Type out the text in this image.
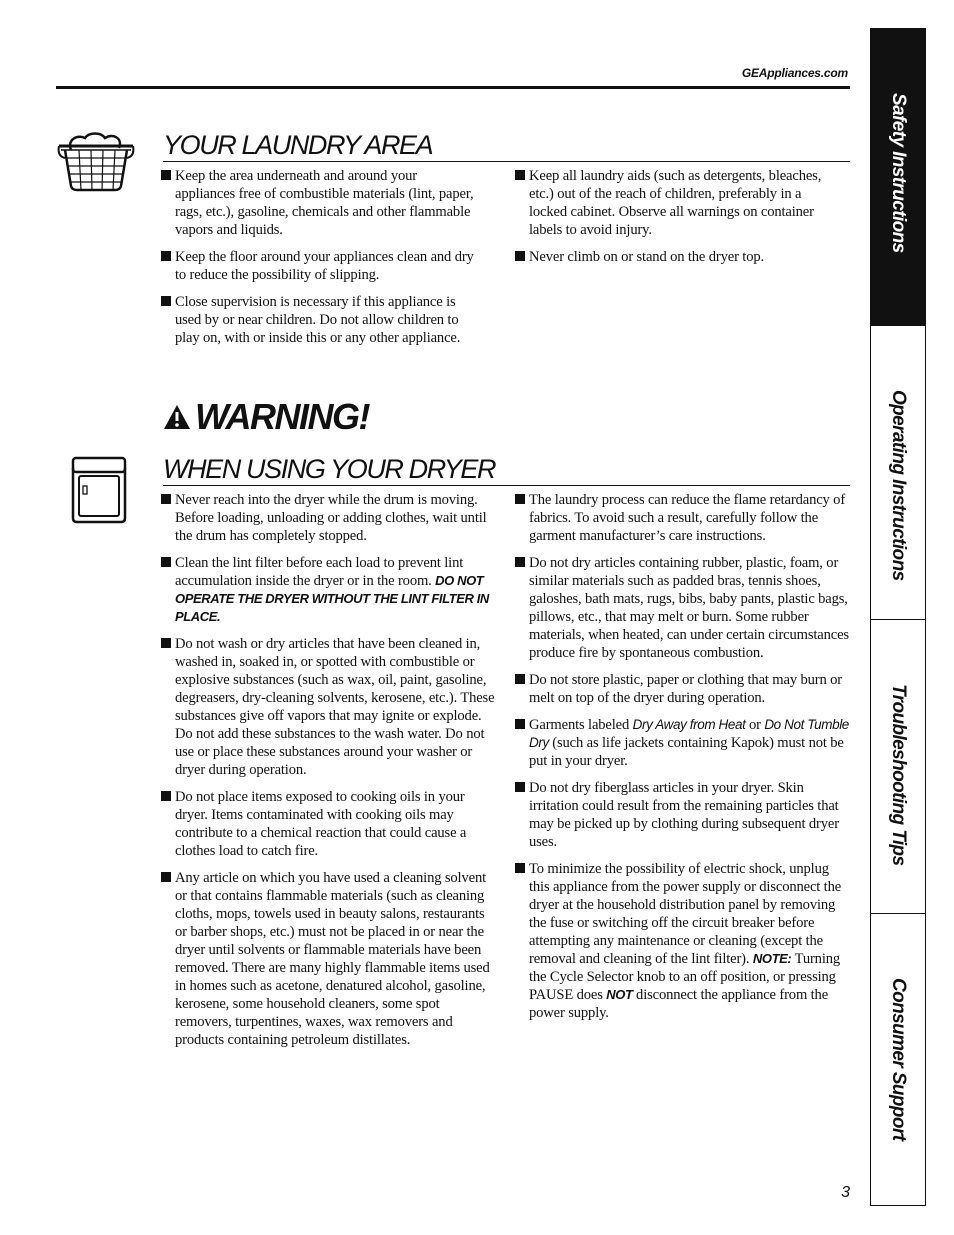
GEAppliances.com
YOUR LAUNDRY AREA
Keep the area underneath and around your appliances free of combustible materials (lint, paper, rags, etc.), gasoline, chemicals and other flammable vapors and liquids.
Keep the floor around your appliances clean and dry to reduce the possibility of slipping.
Close supervision is necessary if this appliance is used by or near children. Do not allow children to play on, with or inside this or any other appliance.
Keep all laundry aids (such as detergents, bleaches, etc.) out of the reach of children, preferably in a locked cabinet. Observe all warnings on container labels to avoid injury.
Never climb on or stand on the dryer top.
WARNING!
WHEN USING YOUR DRYER
Never reach into the dryer while the drum is moving. Before loading, unloading or adding clothes, wait until the drum has completely stopped.
Clean the lint filter before each load to prevent lint accumulation inside the dryer or in the room. DO NOT OPERATE THE DRYER WITHOUT THE LINT FILTER IN PLACE.
Do not wash or dry articles that have been cleaned in, washed in, soaked in, or spotted with combustible or explosive substances (such as wax, oil, paint, gasoline, degreasers, dry-cleaning solvents, kerosene, etc.). These substances give off vapors that may ignite or explode. Do not add these substances to the wash water. Do not use or place these substances around your washer or dryer during operation.
Do not place items exposed to cooking oils in your dryer. Items contaminated with cooking oils may contribute to a chemical reaction that could cause a clothes load to catch fire.
Any article on which you have used a cleaning solvent or that contains flammable materials (such as cleaning cloths, mops, towels used in beauty salons, restaurants or barber shops, etc.) must not be placed in or near the dryer until solvents or flammable materials have been removed. There are many highly flammable items used in homes such as acetone, denatured alcohol, gasoline, kerosene, some household cleaners, some spot removers, turpentines, waxes, wax removers and products containing petroleum distillates.
The laundry process can reduce the flame retardancy of fabrics. To avoid such a result, carefully follow the garment manufacturer’s care instructions.
Do not dry articles containing rubber, plastic, foam, or similar materials such as padded bras, tennis shoes, galoshes, bath mats, rugs, bibs, baby pants, plastic bags, pillows, etc., that may melt or burn. Some rubber materials, when heated, can under certain circumstances produce fire by spontaneous combustion.
Do not store plastic, paper or clothing that may burn or melt on top of the dryer during operation.
Garments labeled Dry Away from Heat or Do Not Tumble Dry (such as life jackets containing Kapok) must not be put in your dryer.
Do not dry fiberglass articles in your dryer. Skin irritation could result from the remaining particles that may be picked up by clothing during subsequent dryer uses.
To minimize the possibility of electric shock, unplug this appliance from the power supply or disconnect the dryer at the household distribution panel by removing the fuse or switching off the circuit breaker before attempting any maintenance or cleaning (except the removal and cleaning of the lint filter). NOTE: Turning the Cycle Selector knob to an off position, or pressing PAUSE does NOT disconnect the appliance from the power supply.
Safety Instructions
Operating Instructions
Troubleshooting Tips
Consumer Support
3
